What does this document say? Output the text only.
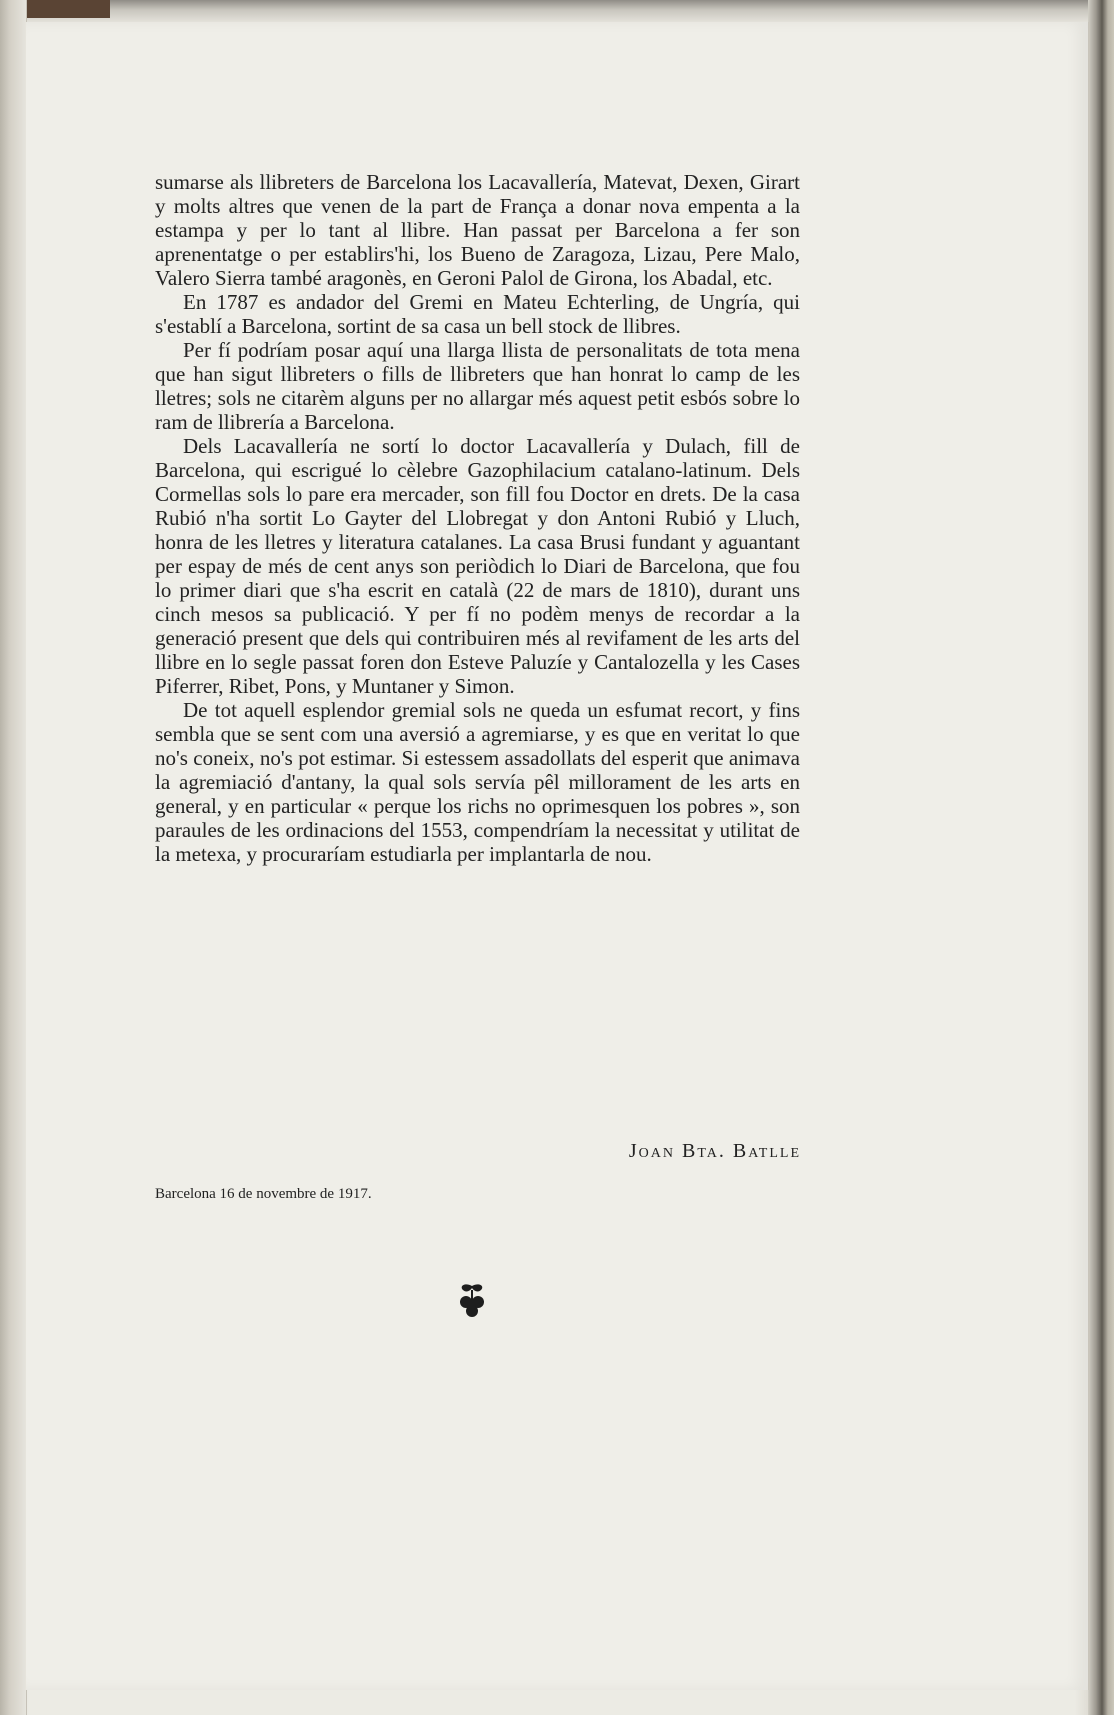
sumarse als llibreters de Barcelona los Lacavallería, Matevat, Dexen, Girart y molts altres que venen de la part de França a donar nova empenta a la estampa y per lo tant al llibre. Han passat per Barcelona a fer son aprenentatge o per establirs'hi, los Bueno de Zaragoza, Lizau, Pere Malo, Valero Sierra també aragonès, en Geroni Palol de Girona, los Abadal, etc.

En 1787 es andador del Gremi en Mateu Echterling, de Ungría, qui s'establí a Barcelona, sortint de sa casa un bell stock de llibres.

Per fí podríam posar aquí una llarga llista de personalitats de tota mena que han sigut llibreters o fills de llibreters que han honrat lo camp de les lletres; sols ne citarèm alguns per no allargar més aquest petit esbós sobre lo ram de llibrería a Barcelona.

Dels Lacavallería ne sortí lo doctor Lacavallería y Dulach, fill de Barcelona, qui escrigué lo cèlebre Gazophilacium catalano-latinum. Dels Cormellas sols lo pare era mercader, son fill fou Doctor en drets. De la casa Rubió n'ha sortit Lo Gayter del Llobregat y don Antoni Rubió y Lluch, honra de les lletres y literatura catalanes. La casa Brusi fundant y aguantant per espay de més de cent anys son periòdich lo Diari de Barcelona, que fou lo primer diari que s'ha escrit en català (22 de mars de 1810), durant uns cinch mesos sa publicació. Y per fí no podèm menys de recordar a la generació present que dels qui contribuiren més al revifament de les arts del llibre en lo segle passat foren don Esteve Paluzíe y Cantalozella y les Cases Piferrer, Ribet, Pons, y Muntaner y Simon.

De tot aquell esplendor gremial sols ne queda un esfumat recort, y fins sembla que se sent com una aversió a agremiarse, y es que en veritat lo que no's coneix, no's pot estimar. Si estessem assadollats del esperit que animava la agremiació d'antany, la qual sols servía pêl millorament de les arts en general, y en particular « perque los richs no oprimesquen los pobres », son paraules de les ordinacions del 1553, compendríam la necessitat y utilitat de la metexa, y procuraríam estudiarla per implantarla de nou.

Joan Bta. Batlle
Barcelona 16 de novembre de 1917.
